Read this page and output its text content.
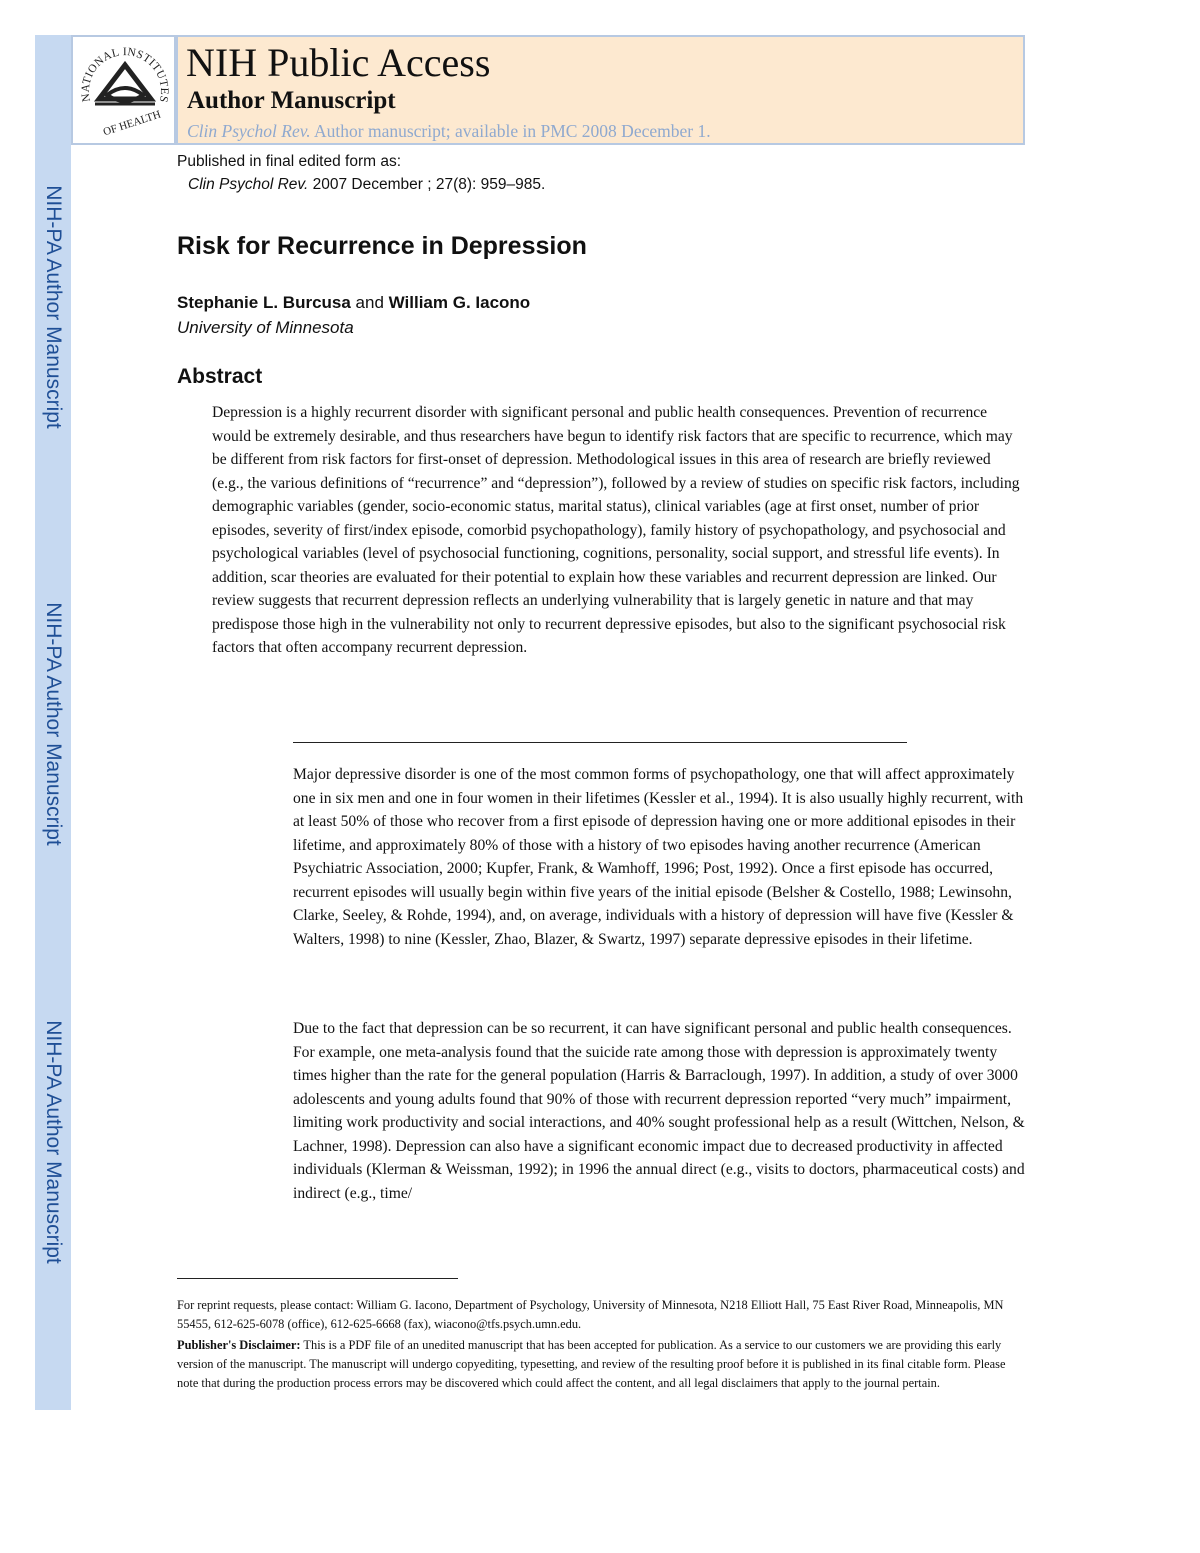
NIH-PA Author Manuscript
NIH-PA Author Manuscript
NIH-PA Author Manuscript
NATIONAL INSTITUTES
OF HEALTH
NIH Public Access
Author Manuscript
Clin Psychol Rev. Author manuscript; available in PMC 2008 December 1.
Published in final edited form as:
Clin Psychol Rev. 2007 December ; 27(8): 959–985.
Risk for Recurrence in Depression
Stephanie L. Burcusa and William G. Iacono
University of Minnesota
Abstract
Depression is a highly recurrent disorder with significant personal and public health consequences. Prevention of recurrence would be extremely desirable, and thus researchers have begun to identify risk factors that are specific to recurrence, which may be different from risk factors for first-onset of depression. Methodological issues in this area of research are briefly reviewed (e.g., the various definitions of “recurrence” and “depression”), followed by a review of studies on specific risk factors, including demographic variables (gender, socio-economic status, marital status), clinical variables (age at first onset, number of prior episodes, severity of first/index episode, comorbid psychopathology), family history of psychopathology, and psychosocial and psychological variables (level of psychosocial functioning, cognitions, personality, social support, and stressful life events). In addition, scar theories are evaluated for their potential to explain how these variables and recurrent depression are linked. Our review suggests that recurrent depression reflects an underlying vulnerability that is largely genetic in nature and that may predispose those high in the vulnerability not only to recurrent depressive episodes, but also to the significant psychosocial risk factors that often accompany recurrent depression.
Major depressive disorder is one of the most common forms of psychopathology, one that will affect approximately one in six men and one in four women in their lifetimes (Kessler et al., 1994). It is also usually highly recurrent, with at least 50% of those who recover from a first episode of depression having one or more additional episodes in their lifetime, and approximately 80% of those with a history of two episodes having another recurrence (American Psychiatric Association, 2000; Kupfer, Frank, & Wamhoff, 1996; Post, 1992). Once a first episode has occurred, recurrent episodes will usually begin within five years of the initial episode (Belsher & Costello, 1988; Lewinsohn, Clarke, Seeley, & Rohde, 1994), and, on average, individuals with a history of depression will have five (Kessler & Walters, 1998) to nine (Kessler, Zhao, Blazer, & Swartz, 1997) separate depressive episodes in their lifetime.
Due to the fact that depression can be so recurrent, it can have significant personal and public health consequences. For example, one meta-analysis found that the suicide rate among those with depression is approximately twenty times higher than the rate for the general population (Harris & Barraclough, 1997). In addition, a study of over 3000 adolescents and young adults found that 90% of those with recurrent depression reported “very much” impairment, limiting work productivity and social interactions, and 40% sought professional help as a result (Wittchen, Nelson, & Lachner, 1998). Depression can also have a significant economic impact due to decreased productivity in affected individuals (Klerman & Weissman, 1992); in 1996 the annual direct (e.g., visits to doctors, pharmaceutical costs) and indirect (e.g., time/
For reprint requests, please contact: William G. Iacono, Department of Psychology, University of Minnesota, N218 Elliott Hall, 75 East River Road, Minneapolis, MN 55455, 612-625-6078 (office), 612-625-6668 (fax), wiacono@tfs.psych.umn.edu.
Publisher's Disclaimer: This is a PDF file of an unedited manuscript that has been accepted for publication. As a service to our customers we are providing this early version of the manuscript. The manuscript will undergo copyediting, typesetting, and review of the resulting proof before it is published in its final citable form. Please note that during the production process errors may be discovered which could affect the content, and all legal disclaimers that apply to the journal pertain.
